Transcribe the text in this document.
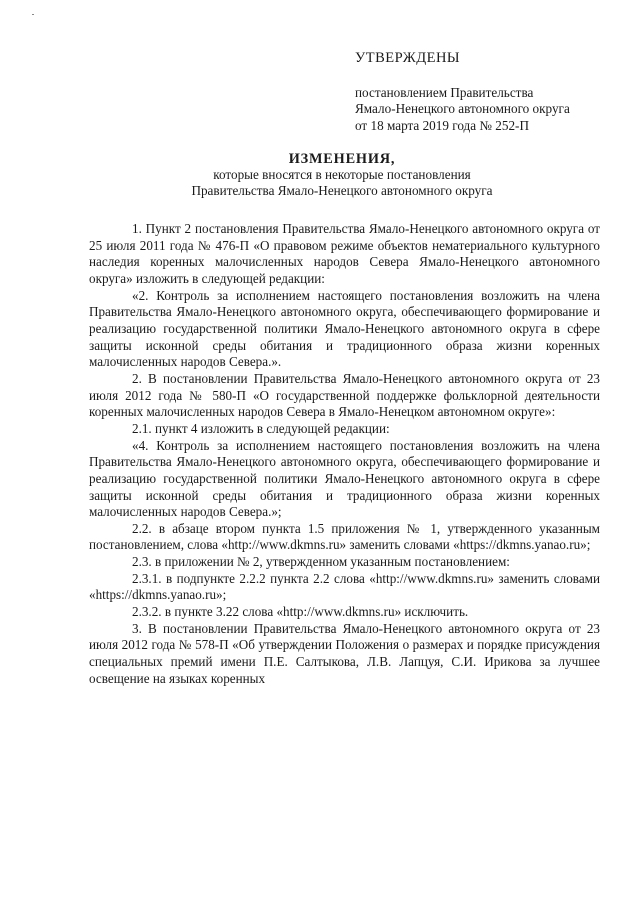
УТВЕРЖДЕНЫ
постановлением Правительства
Ямало-Ненецкого автономного округа
от 18 марта 2019 года № 252-П
ИЗМЕНЕНИЯ,
которые вносятся в некоторые постановления
Правительства Ямало-Ненецкого автономного округа

1. Пункт 2 постановления Правительства Ямало-Ненецкого автономного округа от 25 июля 2011 года № 476-П «О правовом режиме объектов нематериального культурного наследия коренных малочисленных народов Севера Ямало-Ненецкого автономного округа» изложить в следующей редакции:

«2. Контроль за исполнением настоящего постановления возложить на члена Правительства Ямало-Ненецкого автономного округа, обеспечивающего формирование и реализацию государственной политики Ямало-Ненецкого автономного округа в сфере защиты исконной среды обитания и традиционного образа жизни коренных малочисленных народов Севера.».

2. В постановлении Правительства Ямало-Ненецкого автономного округа от 23 июля 2012 года № 580-П «О государственной поддержке фольклорной деятельности коренных малочисленных народов Севера в Ямало-Ненецком автономном округе»:

2.1. пункт 4 изложить в следующей редакции:

«4. Контроль за исполнением настоящего постановления возложить на члена Правительства Ямало-Ненецкого автономного округа, обеспечивающего формирование и реализацию государственной политики Ямало-Ненецкого автономного округа в сфере защиты исконной среды обитания и традиционного образа жизни коренных малочисленных народов Севера.»;

2.2. в абзаце втором пункта 1.5 приложения № 1, утвержденного указанным постановлением, слова «http://www.dkmns.ru» заменить словами «https://dkmns.yanao.ru»;

2.3. в приложении № 2, утвержденном указанным постановлением:

2.3.1. в подпункте 2.2.2 пункта 2.2 слова «http://www.dkmns.ru» заменить словами «https://dkmns.yanao.ru»;

2.3.2. в пункте 3.22 слова «http://www.dkmns.ru» исключить.

3. В постановлении Правительства Ямало-Ненецкого автономного округа от 23 июля 2012 года № 578-П «Об утверждении Положения о размерах и порядке присуждения специальных премий имени П.Е. Салтыкова, Л.В. Лапцуя, С.И. Ирикова за лучшее освещение на языках коренных
